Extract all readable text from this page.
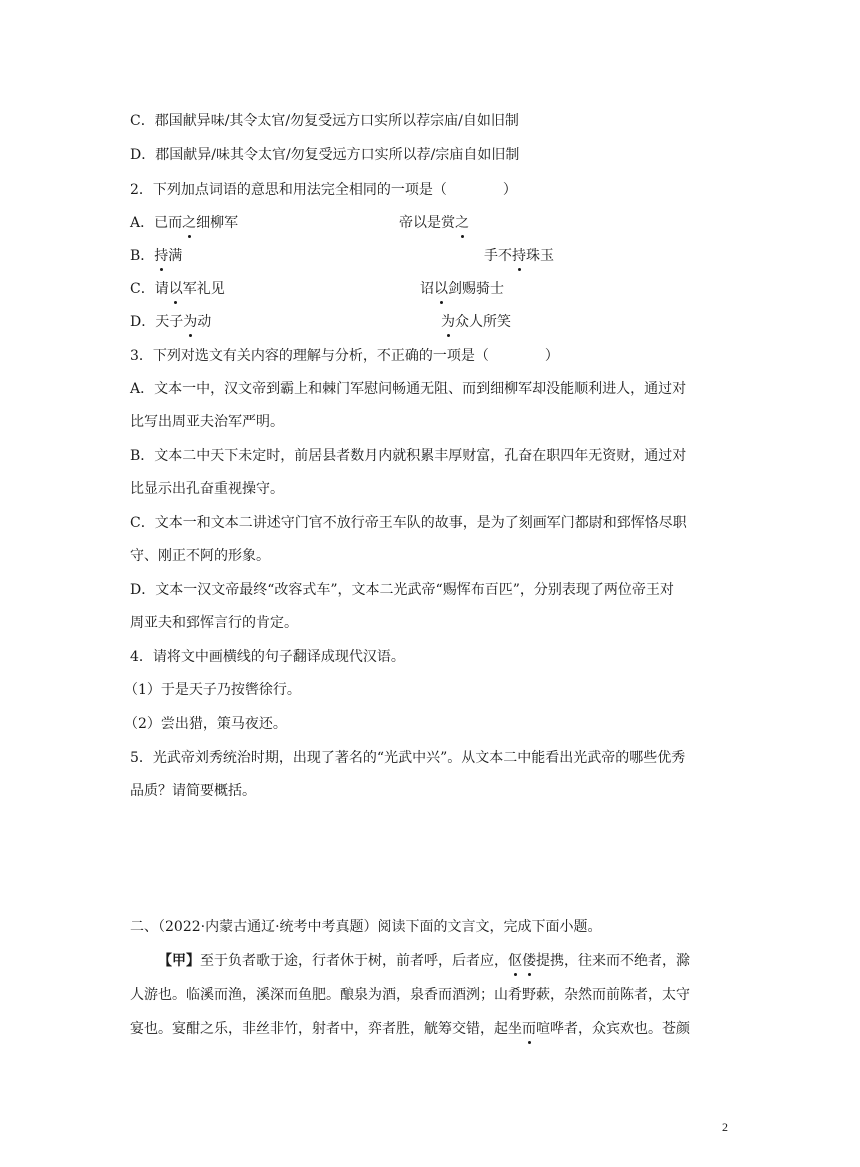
C．郡国献异味/其令太官/勿复受远方口实所以荐宗庙/自如旧制
D．郡国献异/味其令太官/勿复受远方口实所以荐/宗庙自如旧制
2．下列加点词语的意思和用法完全相同的一项是（	）
A．已而之细柳军	帝以是赏之
B．持满	手不持珠玉
C．请以军礼见	诏以剑赐骑士
D．天子为动	为众人所笑
3．下列对选文有关内容的理解与分析，不正确的一项是（	）
A．文本一中，汉文帝到霸上和棘门军慰问畅通无阻、而到细柳军却没能顺利进人，通过对
比写出周亚夫治军严明。
B．文本二中天下未定时，前居县者数月内就积累丰厚财富，孔奋在职四年无资财，通过对
比显示出孔奋重视操守。
C．文本一和文本二讲述守门官不放行帝王车队的故事，是为了刻画军门都尉和郅恽恪尽职
守、刚正不阿的形象。
D．文本一汉文帝最终“改容式车”，文本二光武帝“赐恽布百匹”，分别表现了两位帝王对
周亚夫和郅恽言行的肯定。
4．请将文中画横线的句子翻译成现代汉语。
（1）于是天子乃按辔徐行。
（2）尝出猎，策马夜还。
5．光武帝刘秀统治时期，出现了著名的“光武中兴”。从文本二中能看出光武帝的哪些优秀
品质？请简要概括。
二、（2022·内蒙古通辽·统考中考真题）阅读下面的文言文，完成下面小题。
【甲】至于负者歌于途，行者休于树，前者呼，后者应，伛偻提携，往来而不绝者，滁
人游也。临溪而渔，溪深而鱼肥。酿泉为酒，泉香而酒洌；山肴野蔌，杂然而前陈者，太守
宴也。宴酣之乐，非丝非竹，射者中，弈者胜，觥筹交错，起坐而喧哗者，众宾欢也。苍颜
2
